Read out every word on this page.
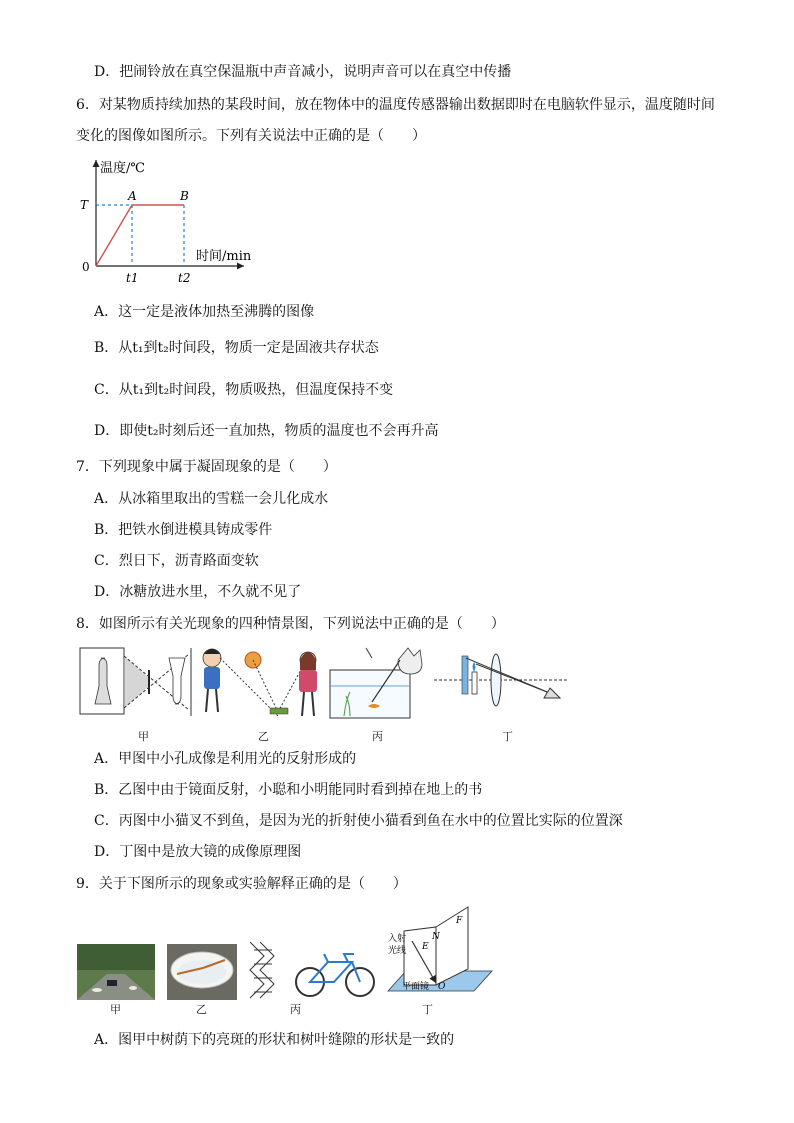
D．把闹铃放在真空保温瓶中声音减小，说明声音可以在真空中传播
6．对某物质持续加热的某段时间，放在物体中的温度传感器输出数据即时在电脑软件显示，温度随时间
变化的图像如图所示。下列有关说法中正确的是（　　）
温度/℃
时间/min
0
T
A	B
t1	t2
A．这一定是液体加热至沸腾的图像
B．从t₁到t₂时间段，物质一定是固液共存状态
C．从t₁到t₂时间段，物质吸热，但温度保持不变
D．即使t₂时刻后还一直加热，物质的温度也不会再升高
7．下列现象中属于凝固现象的是（　　）
A．从冰箱里取出的雪糕一会儿化成水
B．把铁水倒进模具铸成零件
C．烈日下，沥青路面变软
D．冰糖放进水里，不久就不见了
8．如图所示有关光现象的四种情景图，下列说法中正确的是（　　）
甲	乙	丙	丁
A．甲图中小孔成像是利用光的反射形成的
B．乙图中由于镜面反射，小聪和小明能同时看到掉在地上的书
C．丙图中小猫叉不到鱼，是因为光的折射使小猫看到鱼在水中的位置比实际的位置深
D．丁图中是放大镜的成像原理图
9．关于下图所示的现象或实验解释正确的是（　　）
入射
光线 E
N
F
O
平面镜
甲	乙	丙	丁
A．图甲中树荫下的亮斑的形状和树叶缝隙的形状是一致的
